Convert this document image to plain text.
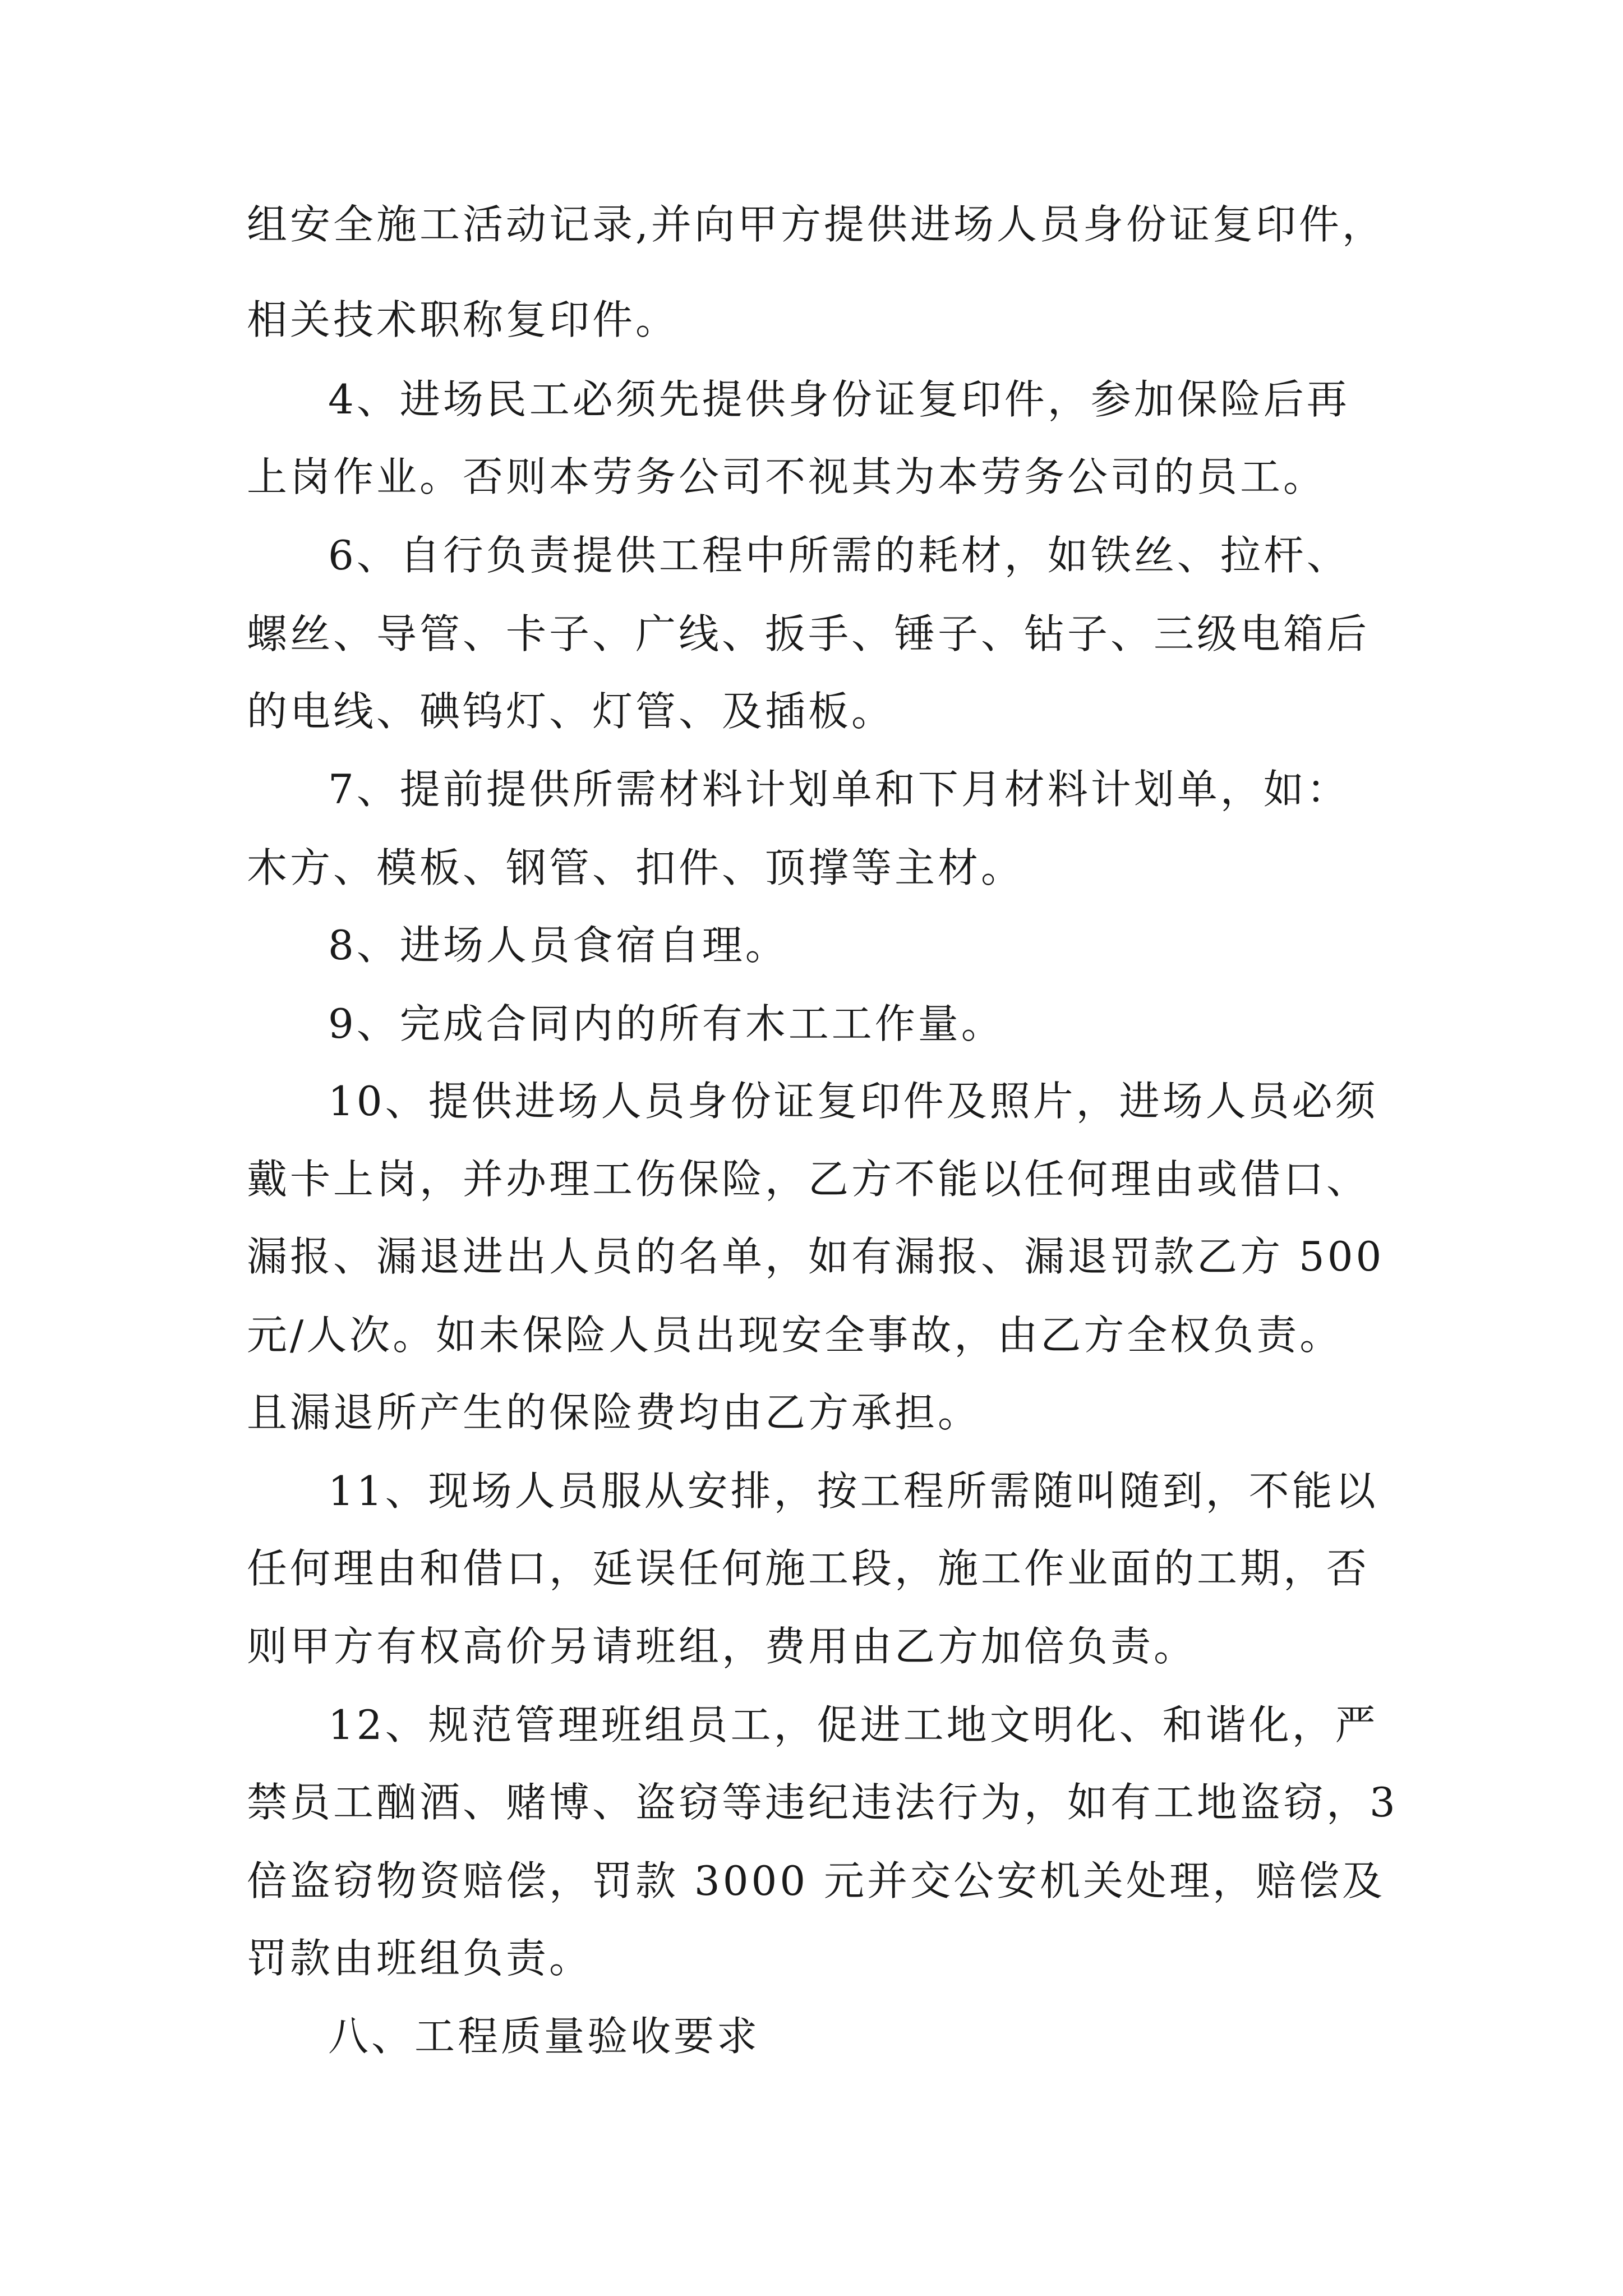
组安全施工活动记录,并向甲方提供进场人员身份证复印件，

相关技术职称复印件。

4、进场民工必须先提供身份证复印件，参加保险后再

上岗作业。否则本劳务公司不视其为本劳务公司的员工。

6、自行负责提供工程中所需的耗材，如铁丝、拉杆、

螺丝、导管、卡子、广线、扳手、锤子、钻子、三级电箱后

的电线、碘钨灯、灯管、及插板。

7、提前提供所需材料计划单和下月材料计划单，如：

木方、模板、钢管、扣件、顶撑等主材。

8、进场人员食宿自理。

9、完成合同内的所有木工工作量。

10、提供进场人员身份证复印件及照片，进场人员必须

戴卡上岗，并办理工伤保险，乙方不能以任何理由或借口、

漏报、漏退进出人员的名单，如有漏报、漏退罚款乙方 500

元/人次。如未保险人员出现安全事故，由乙方全权负责。

且漏退所产生的保险费均由乙方承担。

11、现场人员服从安排，按工程所需随叫随到，不能以

任何理由和借口，延误任何施工段，施工作业面的工期，否

则甲方有权高价另请班组，费用由乙方加倍负责。

12、规范管理班组员工，促进工地文明化、和谐化，严

禁员工酗酒、赌博、盗窃等违纪违法行为，如有工地盗窃，3

倍盗窃物资赔偿，罚款 3000 元并交公安机关处理，赔偿及

罚款由班组负责。

八、工程质量验收要求
